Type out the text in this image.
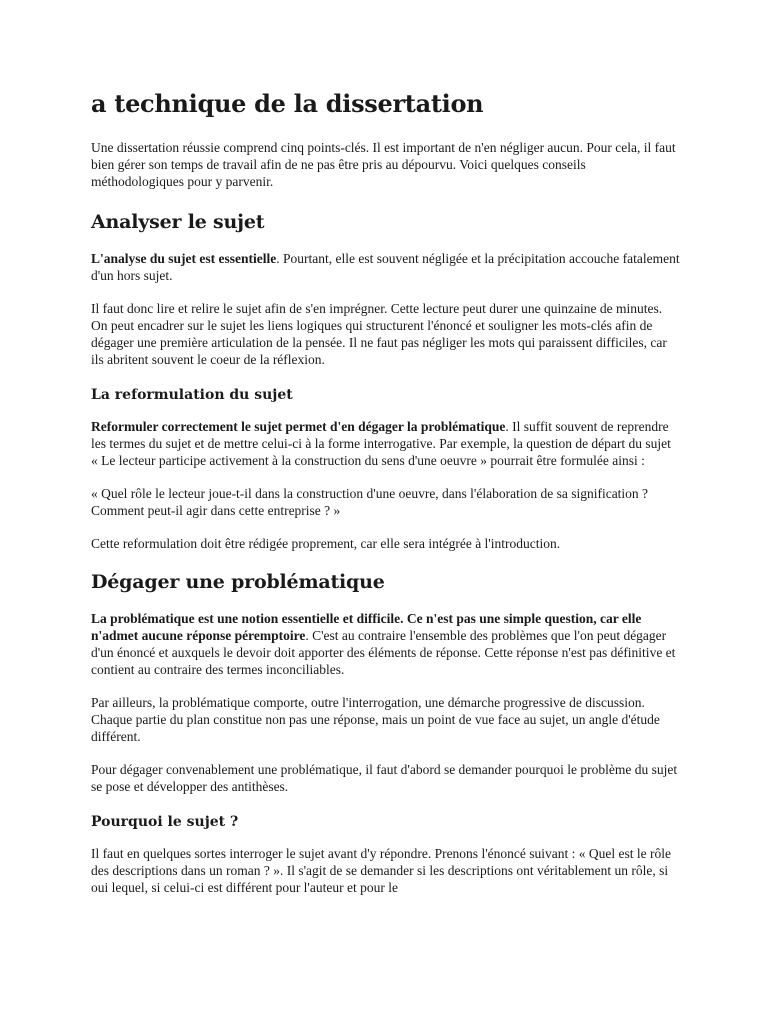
a technique de la dissertation

Une dissertation réussie comprend cinq points-clés. Il est important de n'en négliger aucun. Pour cela, il faut bien gérer son temps de travail afin de ne pas être pris au dépourvu. Voici quelques conseils méthodologiques pour y parvenir.

Analyser le sujet

L'analyse du sujet est essentielle. Pourtant, elle est souvent négligée et la précipitation accouche fatalement d'un hors sujet.

Il faut donc lire et relire le sujet afin de s'en imprégner. Cette lecture peut durer une quinzaine de minutes. On peut encadrer sur le sujet les liens logiques qui structurent l'énoncé et souligner les mots-clés afin de dégager une première articulation de la pensée. Il ne faut pas négliger les mots qui paraissent difficiles, car ils abritent souvent le coeur de la réflexion.

La reformulation du sujet

Reformuler correctement le sujet permet d'en dégager la problématique. Il suffit souvent de reprendre les termes du sujet et de mettre celui-ci à la forme interrogative. Par exemple, la question de départ du sujet « Le lecteur participe activement à la construction du sens d'une oeuvre » pourrait être formulée ainsi :

« Quel rôle le lecteur joue-t-il dans la construction d'une oeuvre, dans l'élaboration de sa signification ? Comment peut-il agir dans cette entreprise ? »

Cette reformulation doit être rédigée proprement, car elle sera intégrée à l'introduction.

Dégager une problématique

La problématique est une notion essentielle et difficile. Ce n'est pas une simple question, car elle n'admet aucune réponse péremptoire. C'est au contraire l'ensemble des problèmes que l'on peut dégager d'un énoncé et auxquels le devoir doit apporter des éléments de réponse. Cette réponse n'est pas définitive et contient au contraire des termes inconciliables.

Par ailleurs, la problématique comporte, outre l'interrogation, une démarche progressive de discussion. Chaque partie du plan constitue non pas une réponse, mais un point de vue face au sujet, un angle d'étude différent.

Pour dégager convenablement une problématique, il faut d'abord se demander pourquoi le problème du sujet se pose et développer des antithèses.

Pourquoi le sujet ?

Il faut en quelques sortes interroger le sujet avant d'y répondre. Prenons l'énoncé suivant : « Quel est le rôle des descriptions dans un roman ? ». Il s'agit de se demander si les descriptions ont véritablement un rôle, si oui lequel, si celui-ci est différent pour l'auteur et pour le
